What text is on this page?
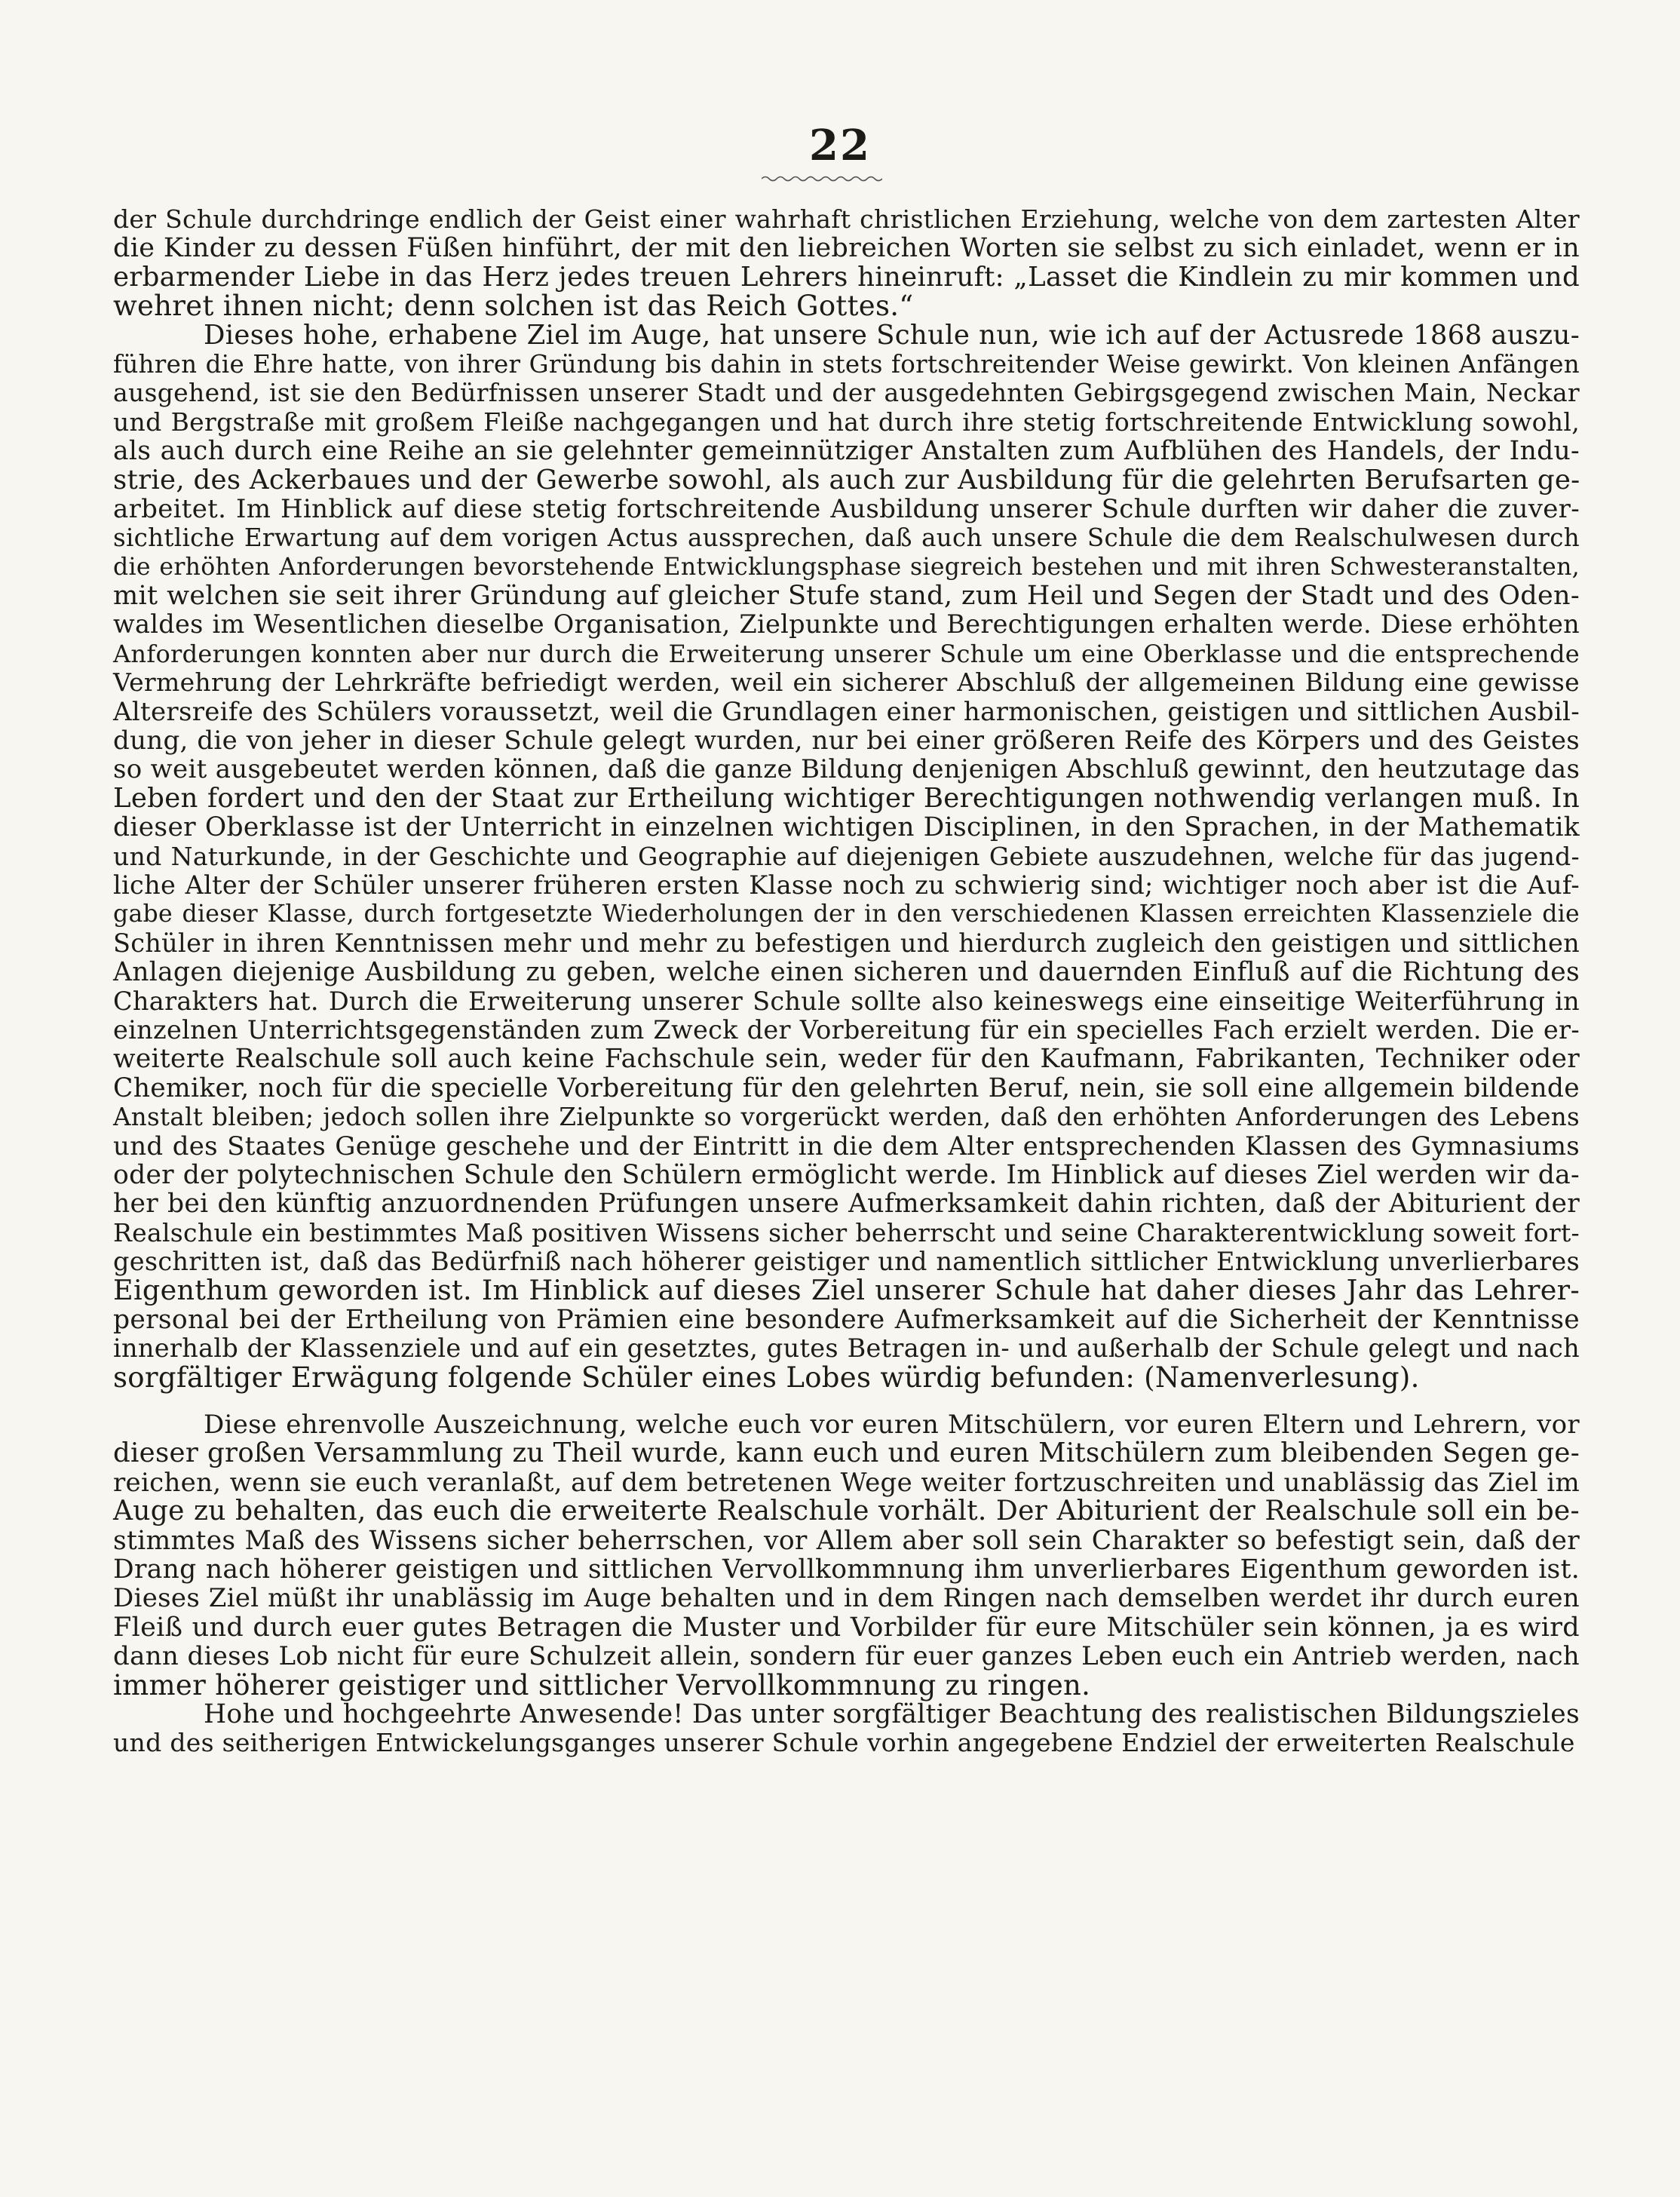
22
der Schule durchdringe endlich der Geist einer wahrhaft christlichen Erziehung, welche von dem zartesten Alter
die Kinder zu dessen Füßen hinführt, der mit den liebreichen Worten sie selbst zu sich einladet, wenn er in
erbarmender Liebe in das Herz jedes treuen Lehrers hineinruft: „Lasset die Kindlein zu mir kommen und
wehret ihnen nicht; denn solchen ist das Reich Gottes.“
Dieses hohe, erhabene Ziel im Auge, hat unsere Schule nun, wie ich auf der Actusrede 1868 auszu-
führen die Ehre hatte, von ihrer Gründung bis dahin in stets fortschreitender Weise gewirkt. Von kleinen Anfängen
ausgehend, ist sie den Bedürfnissen unserer Stadt und der ausgedehnten Gebirgsgegend zwischen Main, Neckar
und Bergstraße mit großem Fleiße nachgegangen und hat durch ihre stetig fortschreitende Entwicklung sowohl,
als auch durch eine Reihe an sie gelehnter gemeinnütziger Anstalten zum Aufblühen des Handels, der Indu-
strie, des Ackerbaues und der Gewerbe sowohl, als auch zur Ausbildung für die gelehrten Berufsarten ge-
arbeitet. Im Hinblick auf diese stetig fortschreitende Ausbildung unserer Schule durften wir daher die zuver-
sichtliche Erwartung auf dem vorigen Actus aussprechen, daß auch unsere Schule die dem Realschulwesen durch
die erhöhten Anforderungen bevorstehende Entwicklungsphase siegreich bestehen und mit ihren Schwesteranstalten,
mit welchen sie seit ihrer Gründung auf gleicher Stufe stand, zum Heil und Segen der Stadt und des Oden-
waldes im Wesentlichen dieselbe Organisation, Zielpunkte und Berechtigungen erhalten werde. Diese erhöhten
Anforderungen konnten aber nur durch die Erweiterung unserer Schule um eine Oberklasse und die entsprechende
Vermehrung der Lehrkräfte befriedigt werden, weil ein sicherer Abschluß der allgemeinen Bildung eine gewisse
Altersreife des Schülers voraussetzt, weil die Grundlagen einer harmonischen, geistigen und sittlichen Ausbil-
dung, die von jeher in dieser Schule gelegt wurden, nur bei einer größeren Reife des Körpers und des Geistes
so weit ausgebeutet werden können, daß die ganze Bildung denjenigen Abschluß gewinnt, den heutzutage das
Leben fordert und den der Staat zur Ertheilung wichtiger Berechtigungen nothwendig verlangen muß. In
dieser Oberklasse ist der Unterricht in einzelnen wichtigen Disciplinen, in den Sprachen, in der Mathematik
und Naturkunde, in der Geschichte und Geographie auf diejenigen Gebiete auszudehnen, welche für das jugend-
liche Alter der Schüler unserer früheren ersten Klasse noch zu schwierig sind; wichtiger noch aber ist die Auf-
gabe dieser Klasse, durch fortgesetzte Wiederholungen der in den verschiedenen Klassen erreichten Klassenziele die
Schüler in ihren Kenntnissen mehr und mehr zu befestigen und hierdurch zugleich den geistigen und sittlichen
Anlagen diejenige Ausbildung zu geben, welche einen sicheren und dauernden Einfluß auf die Richtung des
Charakters hat. Durch die Erweiterung unserer Schule sollte also keineswegs eine einseitige Weiterführung in
einzelnen Unterrichtsgegenständen zum Zweck der Vorbereitung für ein specielles Fach erzielt werden. Die er-
weiterte Realschule soll auch keine Fachschule sein, weder für den Kaufmann, Fabrikanten, Techniker oder
Chemiker, noch für die specielle Vorbereitung für den gelehrten Beruf, nein, sie soll eine allgemein bildende
Anstalt bleiben; jedoch sollen ihre Zielpunkte so vorgerückt werden, daß den erhöhten Anforderungen des Lebens
und des Staates Genüge geschehe und der Eintritt in die dem Alter entsprechenden Klassen des Gymnasiums
oder der polytechnischen Schule den Schülern ermöglicht werde. Im Hinblick auf dieses Ziel werden wir da-
her bei den künftig anzuordnenden Prüfungen unsere Aufmerksamkeit dahin richten, daß der Abiturient der
Realschule ein bestimmtes Maß positiven Wissens sicher beherrscht und seine Charakterentwicklung soweit fort-
geschritten ist, daß das Bedürfniß nach höherer geistiger und namentlich sittlicher Entwicklung unverlierbares
Eigenthum geworden ist. Im Hinblick auf dieses Ziel unserer Schule hat daher dieses Jahr das Lehrer-
personal bei der Ertheilung von Prämien eine besondere Aufmerksamkeit auf die Sicherheit der Kenntnisse
innerhalb der Klassenziele und auf ein gesetztes, gutes Betragen in- und außerhalb der Schule gelegt und nach
sorgfältiger Erwägung folgende Schüler eines Lobes würdig befunden: (Namenverlesung).
Diese ehrenvolle Auszeichnung, welche euch vor euren Mitschülern, vor euren Eltern und Lehrern, vor
dieser großen Versammlung zu Theil wurde, kann euch und euren Mitschülern zum bleibenden Segen ge-
reichen, wenn sie euch veranlaßt, auf dem betretenen Wege weiter fortzuschreiten und unablässig das Ziel im
Auge zu behalten, das euch die erweiterte Realschule vorhält. Der Abiturient der Realschule soll ein be-
stimmtes Maß des Wissens sicher beherrschen, vor Allem aber soll sein Charakter so befestigt sein, daß der
Drang nach höherer geistigen und sittlichen Vervollkommnung ihm unverlierbares Eigenthum geworden ist.
Dieses Ziel müßt ihr unablässig im Auge behalten und in dem Ringen nach demselben werdet ihr durch euren
Fleiß und durch euer gutes Betragen die Muster und Vorbilder für eure Mitschüler sein können, ja es wird
dann dieses Lob nicht für eure Schulzeit allein, sondern für euer ganzes Leben euch ein Antrieb werden, nach
immer höherer geistiger und sittlicher Vervollkommnung zu ringen.
Hohe und hochgeehrte Anwesende! Das unter sorgfältiger Beachtung des realistischen Bildungszieles
und des seitherigen Entwickelungsganges unserer Schule vorhin angegebene Endziel der erweiterten Realschule
